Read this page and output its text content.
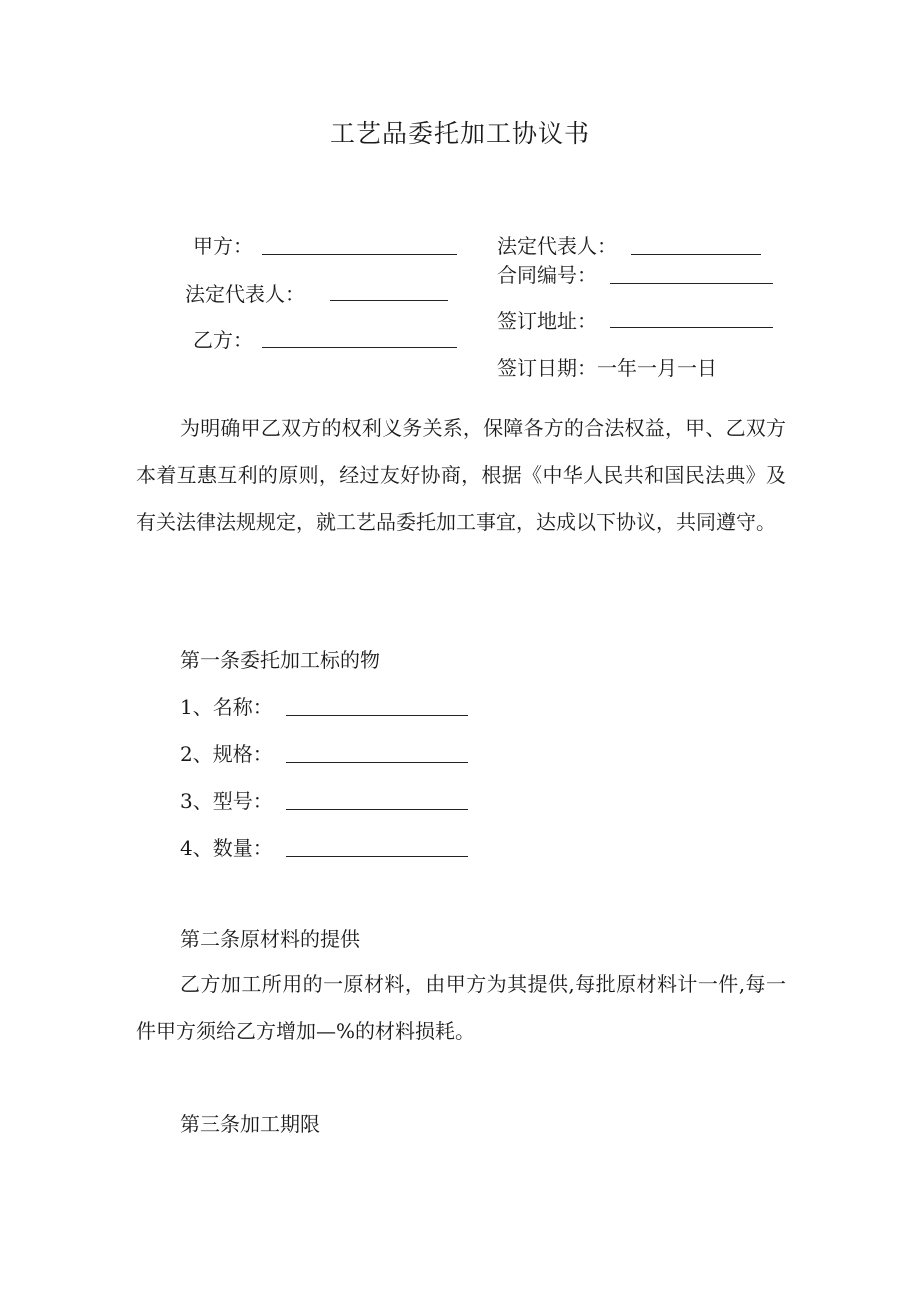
工艺品委托加工协议书
甲方：	法定代表人：
合同编号：
法定代表人：
签订地址：
乙方：
签订日期：一年一月一日

为明确甲乙双方的权利义务关系，保障各方的合法权益，甲、乙双方本着互惠互利的原则，经过友好协商，根据《中华人民共和国民法典》及有关法律法规规定，就工艺品委托加工事宜，达成以下协议，共同遵守。

第一条委托加工标的物
1、名称：
2、规格：
3、型号：
4、数量：
第二条原材料的提供

乙方加工所用的一原材料，由甲方为其提供,每批原材料计一件,每一件甲方须给乙方增加—%的材料损耗。

第三条加工期限
